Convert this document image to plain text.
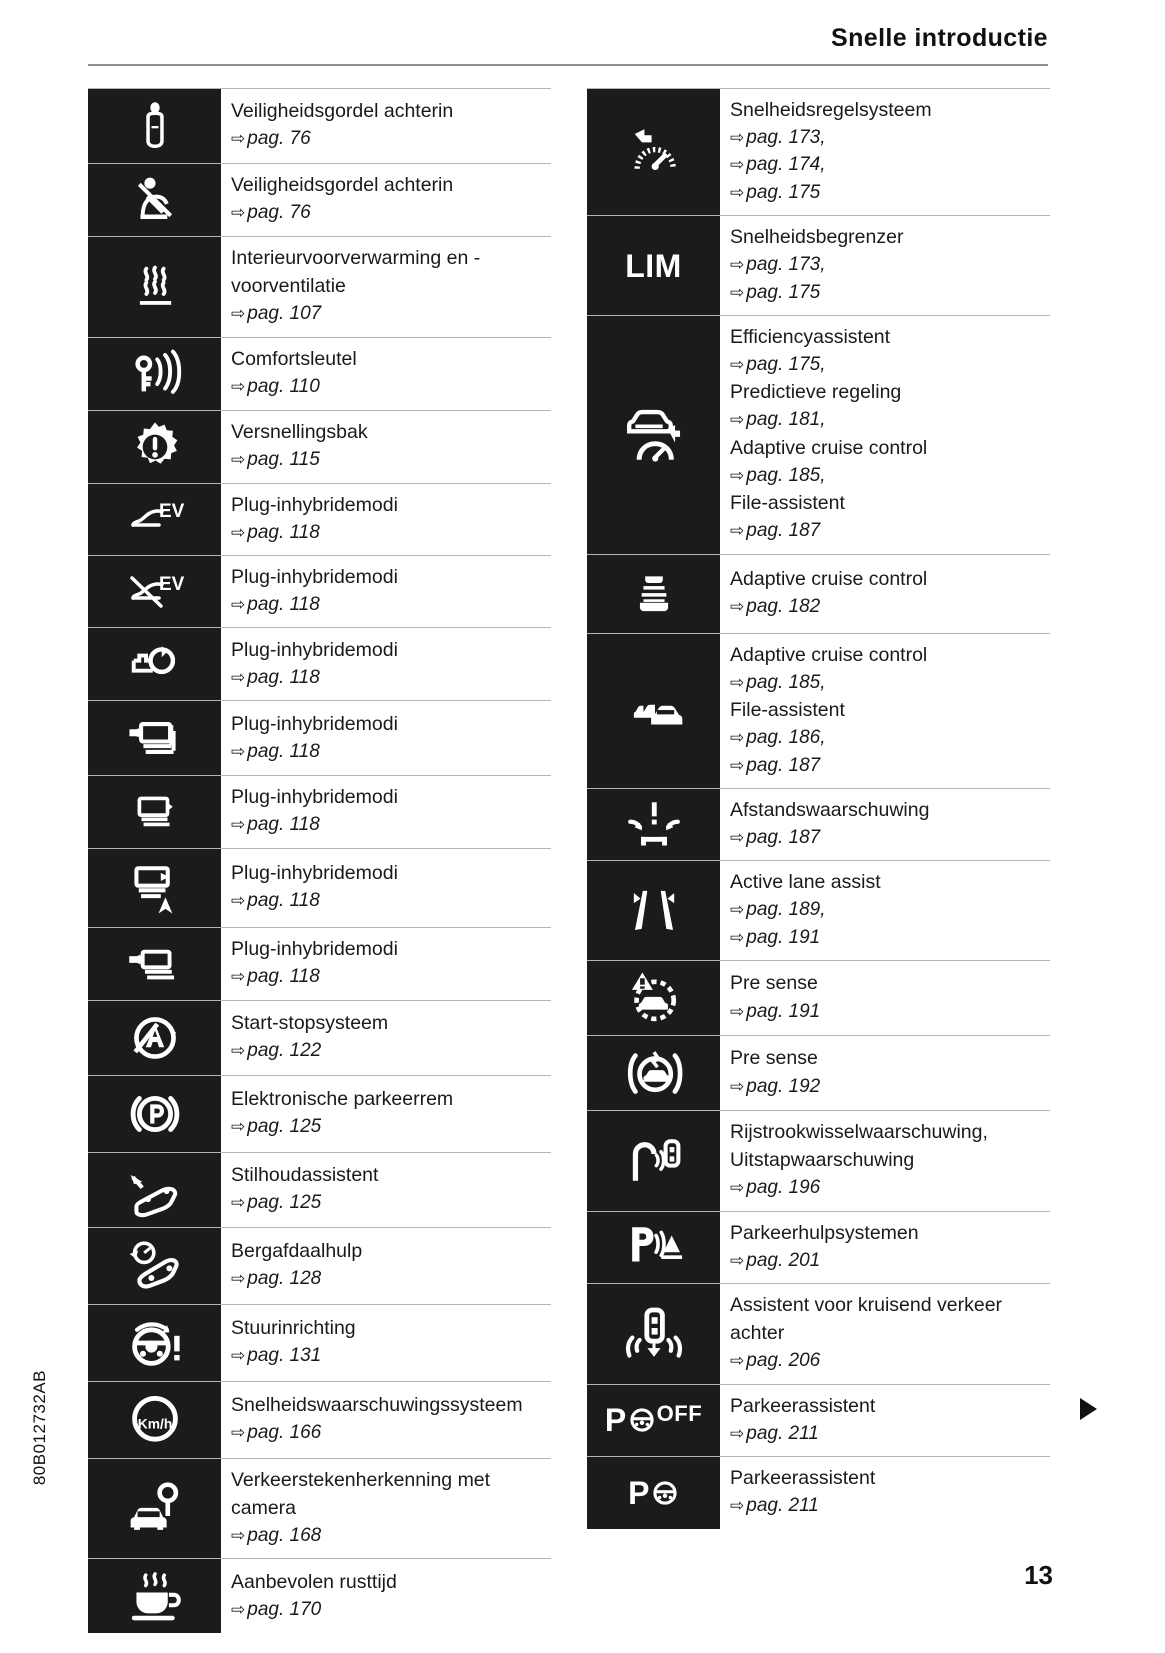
Snelle introductie
Veiligheidsgordel achterin
⇨ pag. 76
Veiligheidsgordel achterin
⇨ pag. 76
Interieurvoorverwarming en -voorventilatie
⇨ pag. 107
Comfortsleutel
⇨ pag. 110
Versnellingsbak
⇨ pag. 115
EV Plug-inhybridemodi
⇨ pag. 118
EV Plug-inhybridemodi
⇨ pag. 118
Plug-inhybridemodi
⇨ pag. 118
Plug-inhybridemodi
⇨ pag. 118
Plug-inhybridemodi
⇨ pag. 118
Plug-inhybridemodi
⇨ pag. 118
Plug-inhybridemodi
⇨ pag. 118
Start-stopsysteem
⇨ pag. 122
Elektronische parkeerrem
⇨ pag. 125
Stilhoudassistent
⇨ pag. 125
Bergafdaalhulp
⇨ pag. 128
Stuurinrichting
⇨ pag. 131
Km/h
Snelheidswaarschuwingssysteem
⇨ pag. 166
Verkeerstekenherkenning met camera
⇨ pag. 168
Aanbevolen rusttijd
⇨ pag. 170
Snelheidsregelsysteem
⇨ pag. 173,
⇨ pag. 174,
⇨ pag. 175
LIM
Snelheidsbegrenzer
⇨ pag. 173,
⇨ pag. 175
Efficiencyassistent
⇨ pag. 175,
Predictieve regeling
⇨ pag. 181,
Adaptive cruise control
⇨ pag. 185,
File-assistent
⇨ pag. 187
Adaptive cruise control
⇨ pag. 182
Adaptive cruise control
⇨ pag. 185,
File-assistent
⇨ pag. 186,
⇨ pag. 187
Afstandswaarschuwing
⇨ pag. 187
Active lane assist
⇨ pag. 189,
⇨ pag. 191
Pre sense
⇨ pag. 191
Pre sense
⇨ pag. 192
Rijstrookwisselwaarschuwing, Uitstapwaarschuwing
⇨ pag. 196
Parkeerhulpsystemen
⇨ pag. 201
Assistent voor kruisend verkeer achter
⇨ pag. 206
P OFF Parkeerassistent
⇨ pag. 211
P	Parkeerassistent
⇨ pag. 211
80B012732AB
13
